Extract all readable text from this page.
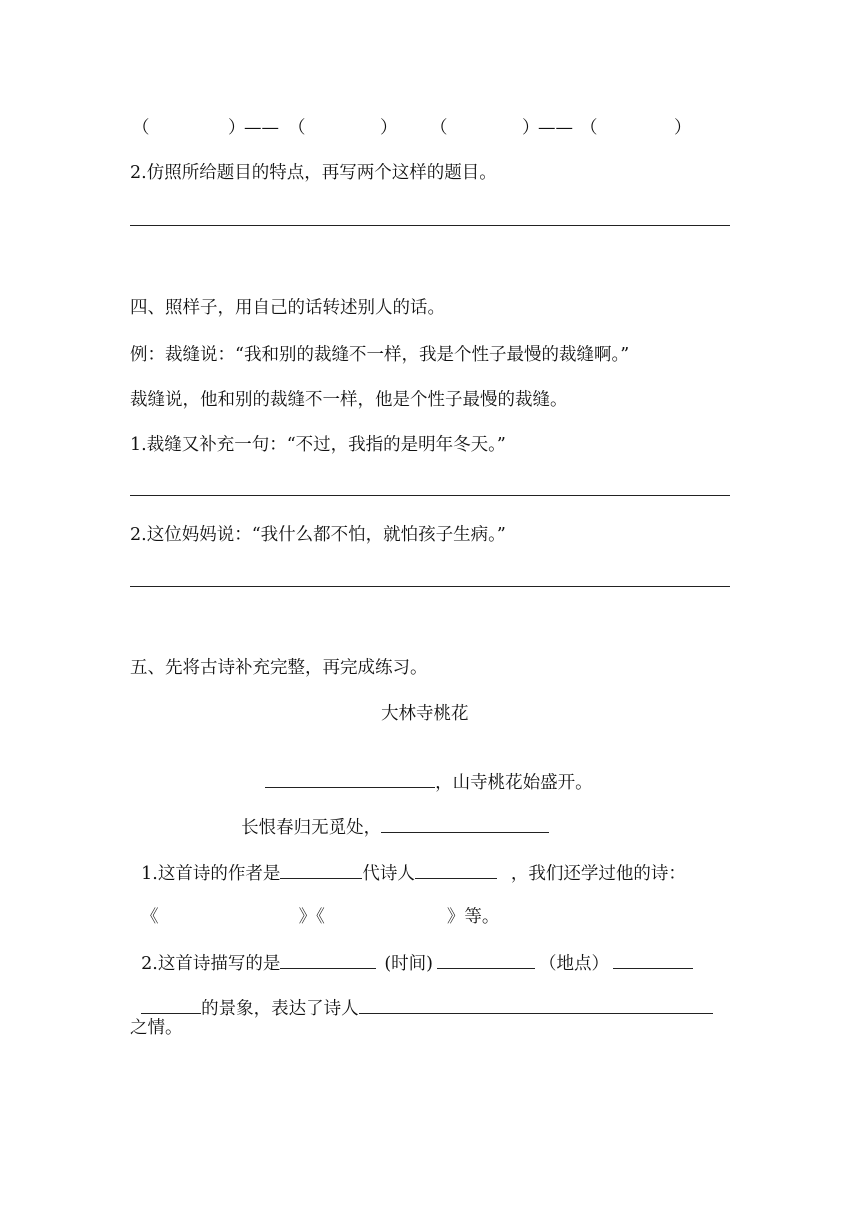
（	）
—— （	） （	）
—— （	）
2.仿照所给题目的特点，再写两个这样的题目。
四、照样子，用自己的话转述别人的话。
例：裁缝说：“我和别的裁缝不一样，我是个性子最慢的裁缝啊。”
裁缝说，他和别的裁缝不一样，他是个性子最慢的裁缝。
1.裁缝又补充一句：“不过，我指的是明年冬天。”
2.这位妈妈说：“我什么都不怕，就怕孩子生病。”
五、先将古诗补充完整，再完成练习。
大林寺桃花

，山寺桃花始盛开。

长恨春归无觅处，

1.这首诗的作者是	代诗人	，我们还学过他的诗：

《	》《	》等。

2.这首诗描写的是	(时间)	（地点）

的景象，表达了诗人

之情。
